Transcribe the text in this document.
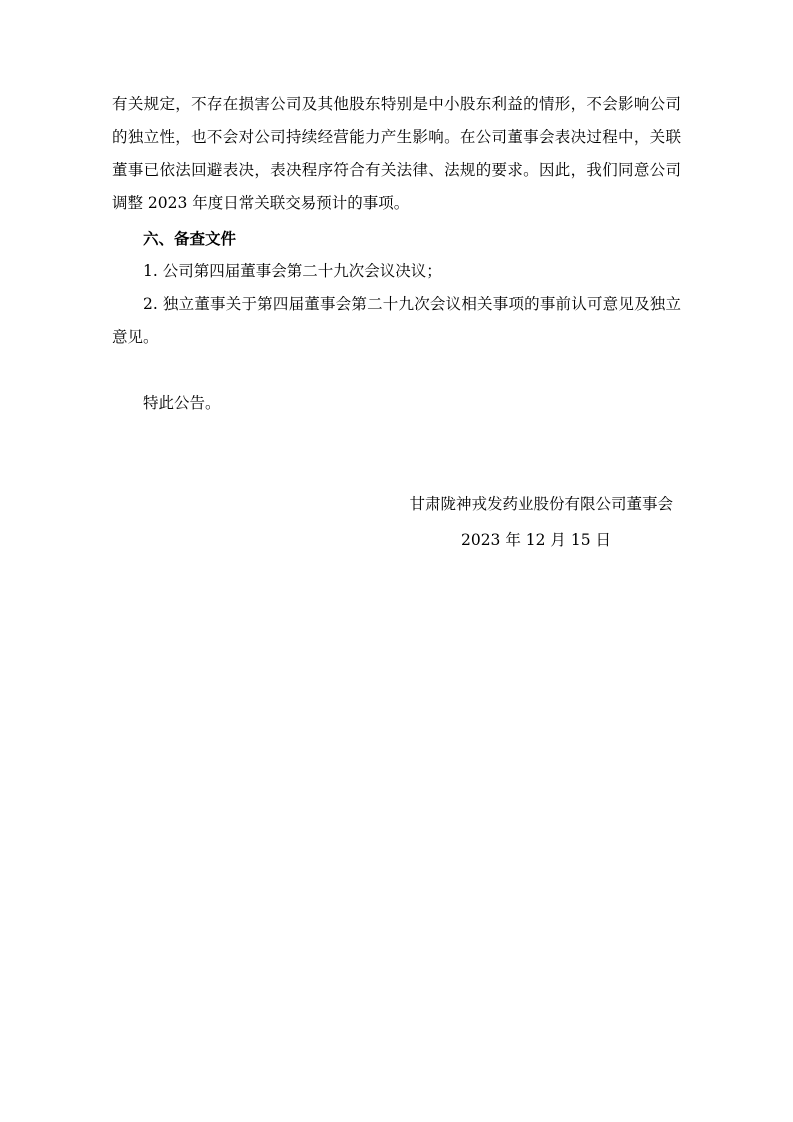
有关规定，不存在损害公司及其他股东特别是中小股东利益的情形，不会影响公司的独立性，也不会对公司持续经营能力产生影响。在公司董事会表决过程中，关联董事已依法回避表决，表决程序符合有关法律、法规的要求。因此，我们同意公司调整 2023 年度日常关联交易预计的事项。

六、备查文件

1. 公司第四届董事会第二十九次会议决议；

2. 独立董事关于第四届董事会第二十九次会议相关事项的事前认可意见及独立意见。

特此公告。

甘肃陇神戎发药业股份有限公司董事会
2023 年 12 月 15 日
